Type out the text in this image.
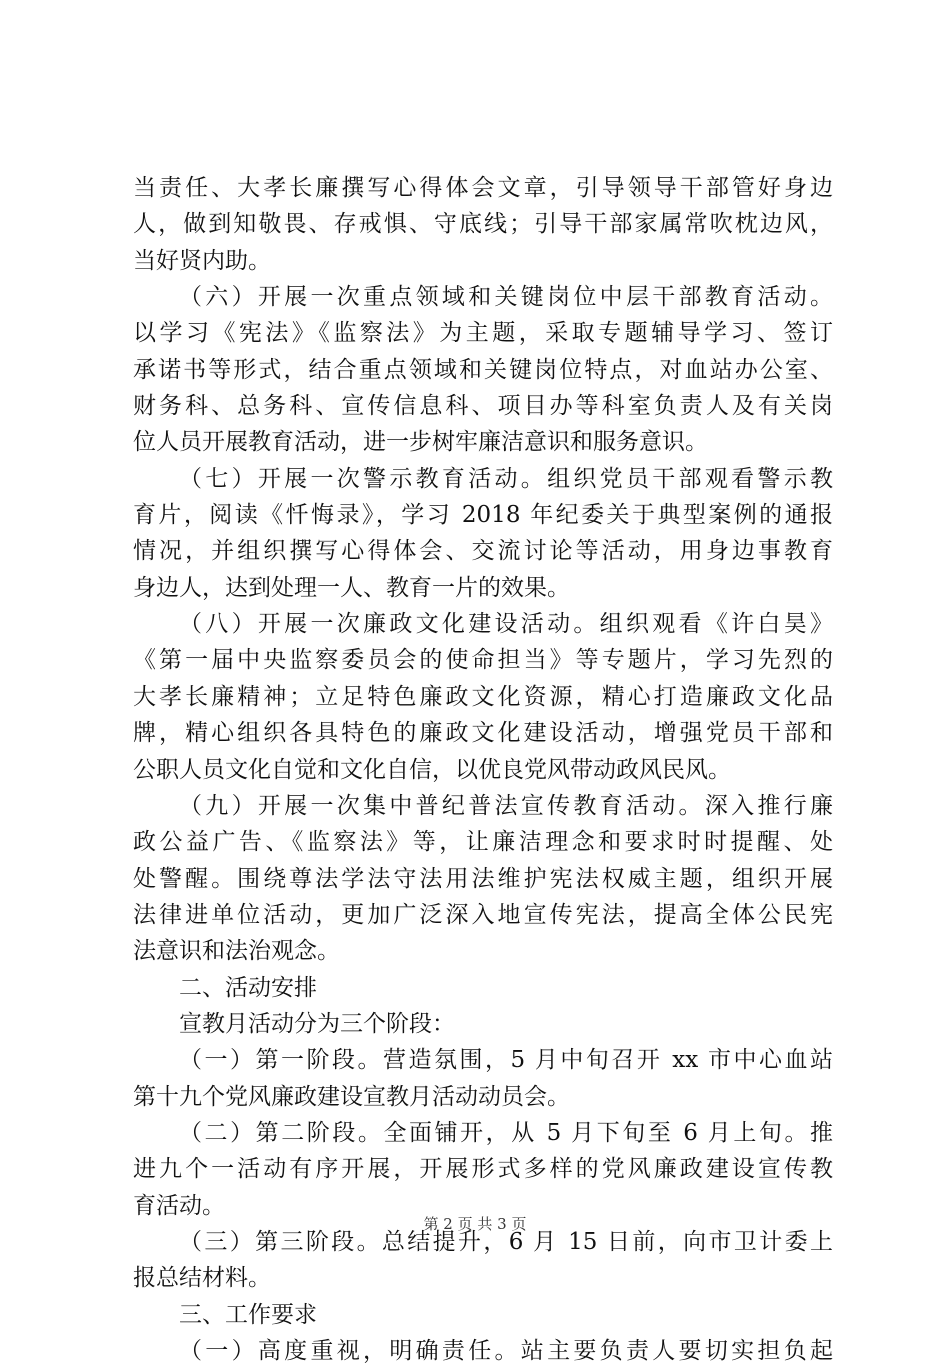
当责任、大孝长廉撰写心得体会文章，引导领导干部管好身边
人，做到知敬畏、存戒惧、守底线；引导干部家属常吹枕边风，
当好贤内助。
（六）开展一次重点领域和关键岗位中层干部教育活动。
以学习《宪法》《监察法》为主题，采取专题辅导学习、签订
承诺书等形式，结合重点领域和关键岗位特点，对血站办公室、
财务科、总务科、宣传信息科、项目办等科室负责人及有关岗
位人员开展教育活动，进一步树牢廉洁意识和服务意识。
（七）开展一次警示教育活动。组织党员干部观看警示教
育片，阅读《忏悔录》，学习 2018 年纪委关于典型案例的通报
情况，并组织撰写心得体会、交流讨论等活动，用身边事教育
身边人，达到处理一人、教育一片的效果。
（八）开展一次廉政文化建设活动。组织观看《许白昊》
《第一届中央监察委员会的使命担当》等专题片，学习先烈的
大孝长廉精神；立足特色廉政文化资源，精心打造廉政文化品
牌，精心组织各具特色的廉政文化建设活动，增强党员干部和
公职人员文化自觉和文化自信，以优良党风带动政风民风。
（九）开展一次集中普纪普法宣传教育活动。深入推行廉
政公益广告、《监察法》等，让廉洁理念和要求时时提醒、处
处警醒。围绕尊法学法守法用法维护宪法权威主题，组织开展
法律进单位活动，更加广泛深入地宣传宪法，提高全体公民宪
法意识和法治观念。
二、活动安排
宣教月活动分为三个阶段：
（一）第一阶段。营造氛围，5 月中旬召开 xx 市中心血站
第十九个党风廉政建设宣教月活动动员会。
（二）第二阶段。全面铺开，从 5 月下旬至 6 月上旬。推
进九个一活动有序开展，开展形式多样的党风廉政建设宣传教
育活动。
（三）第三阶段。总结提升，6 月 15 日前，向市卫计委上
报总结材料。
三、工作要求
（一）高度重视，明确责任。站主要负责人要切实担负起
第 2 页 共 3 页
